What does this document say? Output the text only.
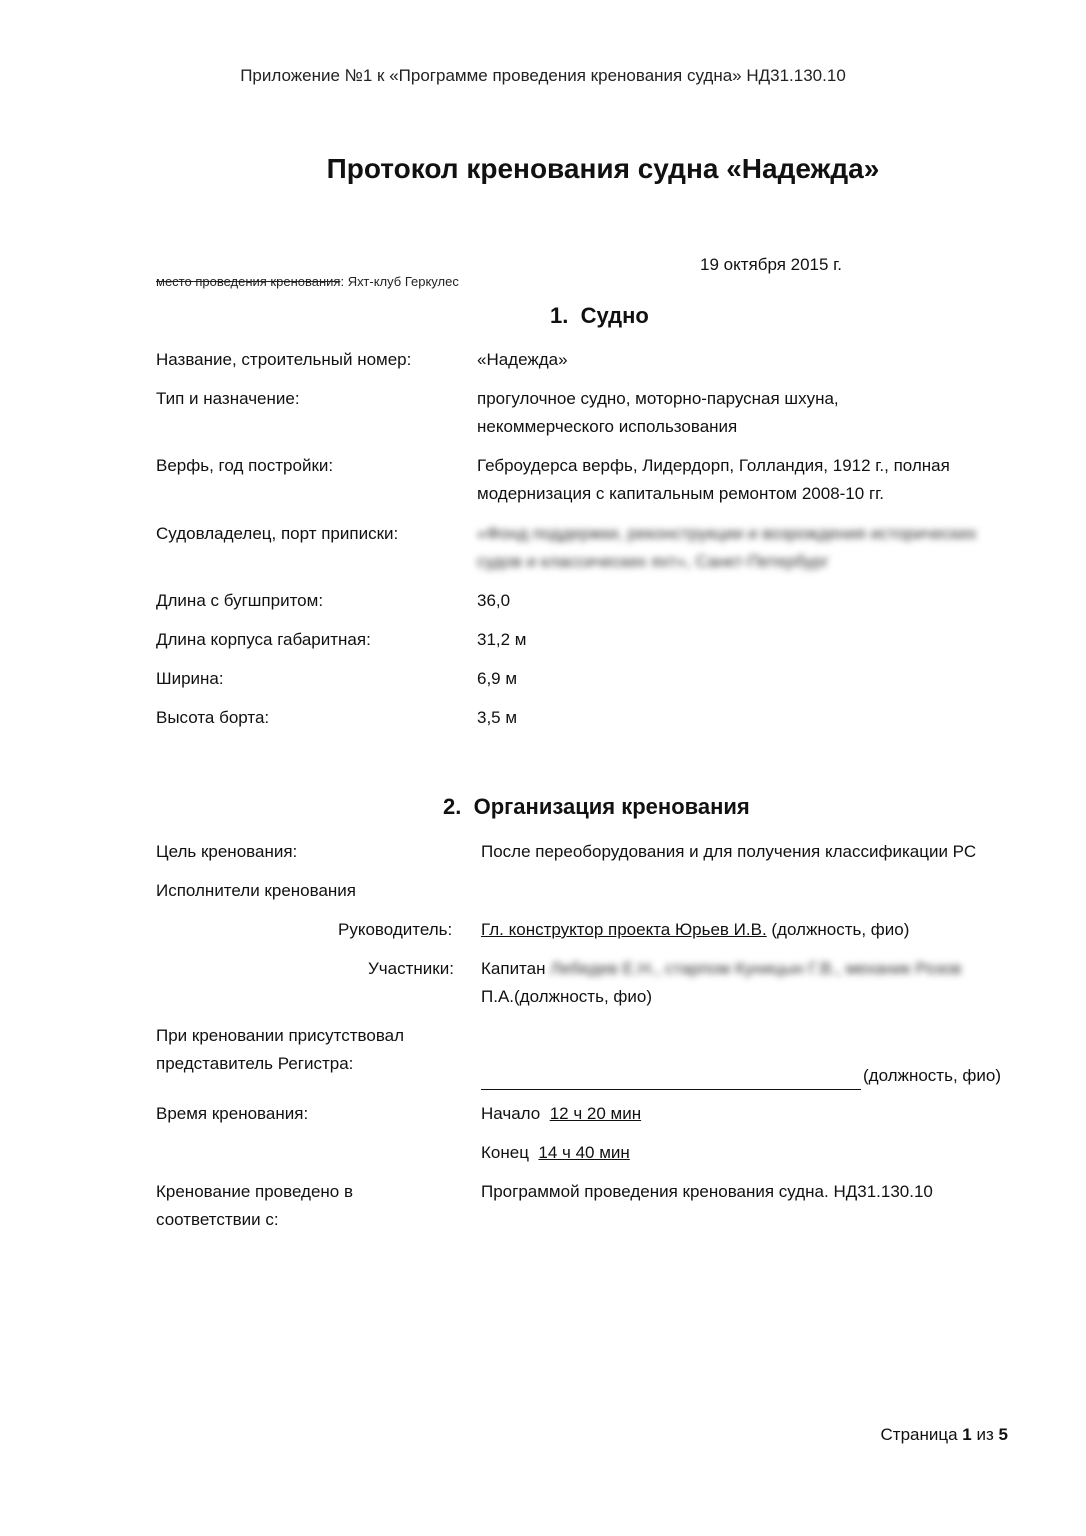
Приложение №1 к «Программе проведения кренования судна» НД31.130.10
Протокол кренования судна «Надежда»
19 октября 2015 г.
место проведения кренования: Яхт-клуб Геркулес
1. Судно
Название, строительный номер:	«Надежда»
Тип и назначение:	прогулочное судно, моторно-парусная шхуна, некоммерческого использования
Верфь, год постройки:	Геброудерса верфь, Лидердорп, Голландия, 1912 г., полная модернизация с капитальным ремонтом 2008-10 гг.
Судовладелец, порт приписки:	«Фонд поддержки, реконструкции и возрождения исторических судов и классических яхт», Санкт-Петербург
Длина с бугшпритом:	36,0
Длина корпуса габаритная:	31,2 м
Ширина:	6,9 м
Высота борта:	3,5 м
2. Организация кренования
Цель кренования:	После переоборудования и для получения классификации РС
Исполнители кренования
Руководитель: Гл. конструктор проекта Юрьев И.В. (должность, фио)
Участники: Капитан Лебедев Е.Н., старпом Куницын Г.В., механик Розов
П.А.(должность, фио)
При креновании присутствовал
представитель Регистра:
(должность, фио)
Время кренования:	Начало 12 ч 20 мин
Конец 14 ч 40 мин
Кренование проведено в
соответствии с:
Программой проведения кренования судна. НД31.130.10
Страница 1 из 5
